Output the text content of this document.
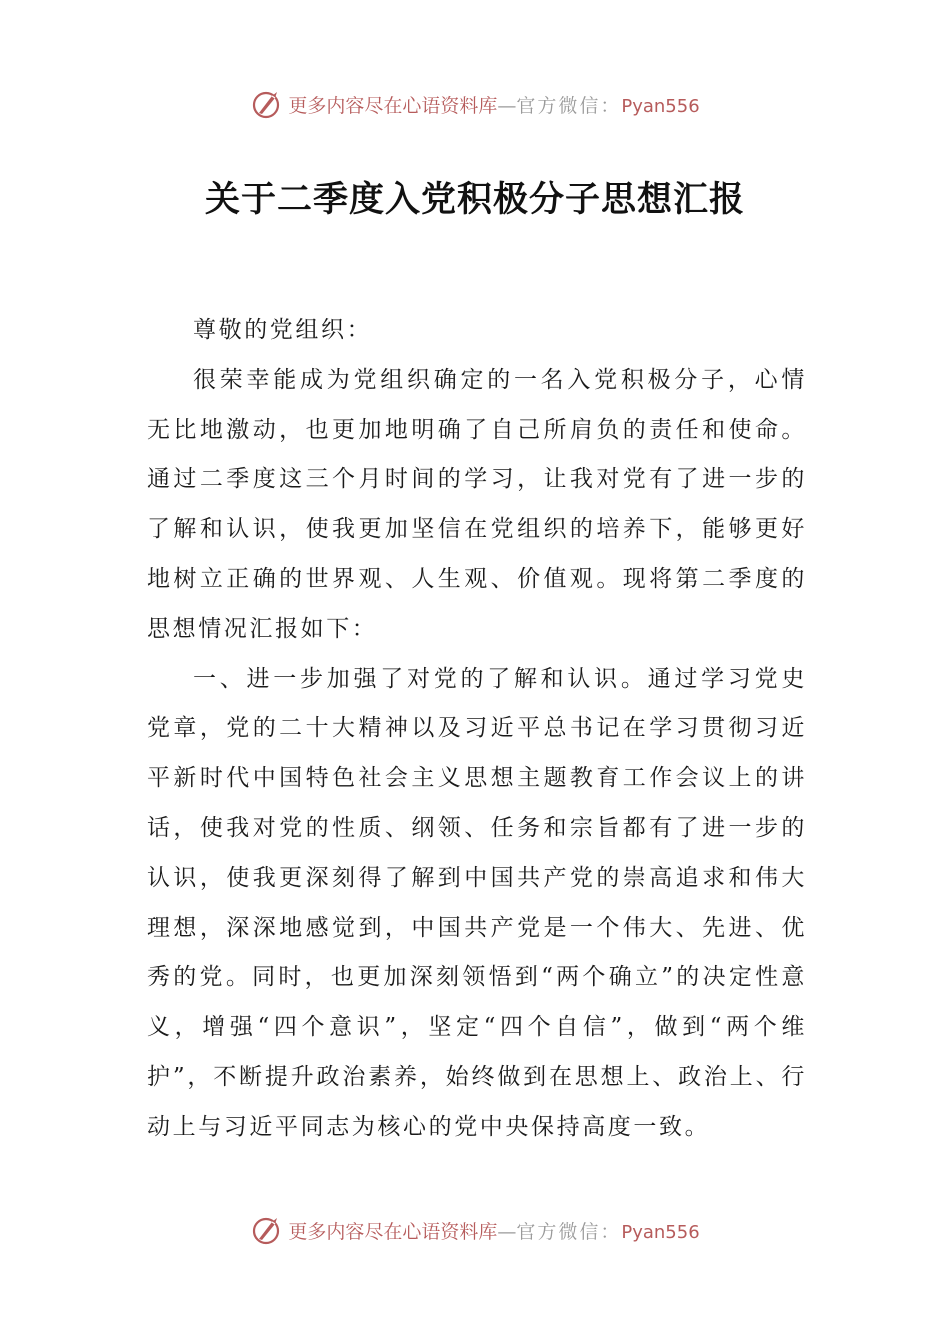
更多内容尽在心语资料库—官方微信：Pyan556
关于二季度入党积极分子思想汇报

尊敬的党组织：

很荣幸能成为党组织确定的一名入党积极分子，心情无比地激动，也更加地明确了自己所肩负的责任和使命。通过二季度这三个月时间的学习，让我对党有了进一步的了解和认识，使我更加坚信在党组织的培养下，能够更好地树立正确的世界观、人生观、价值观。现将第二季度的思想情况汇报如下：

一、进一步加强了对党的了解和认识。通过学习党史党章，党的二十大精神以及习近平总书记在学习贯彻习近平新时代中国特色社会主义思想主题教育工作会议上的讲话，使我对党的性质、纲领、任务和宗旨都有了进一步的认识，使我更深刻得了解到中国共产党的崇高追求和伟大理想，深深地感觉到，中国共产党是一个伟大、先进、优秀的党。同时，也更加深刻领悟到“两个确立”的决定性意义，增强“四个意识”，坚定“四个自信”，做到“两个维护”，不断提升政治素养，始终做到在思想上、政治上、行动上与习近平同志为核心的党中央保持高度一致。

更多内容尽在心语资料库—官方微信：Pyan556
